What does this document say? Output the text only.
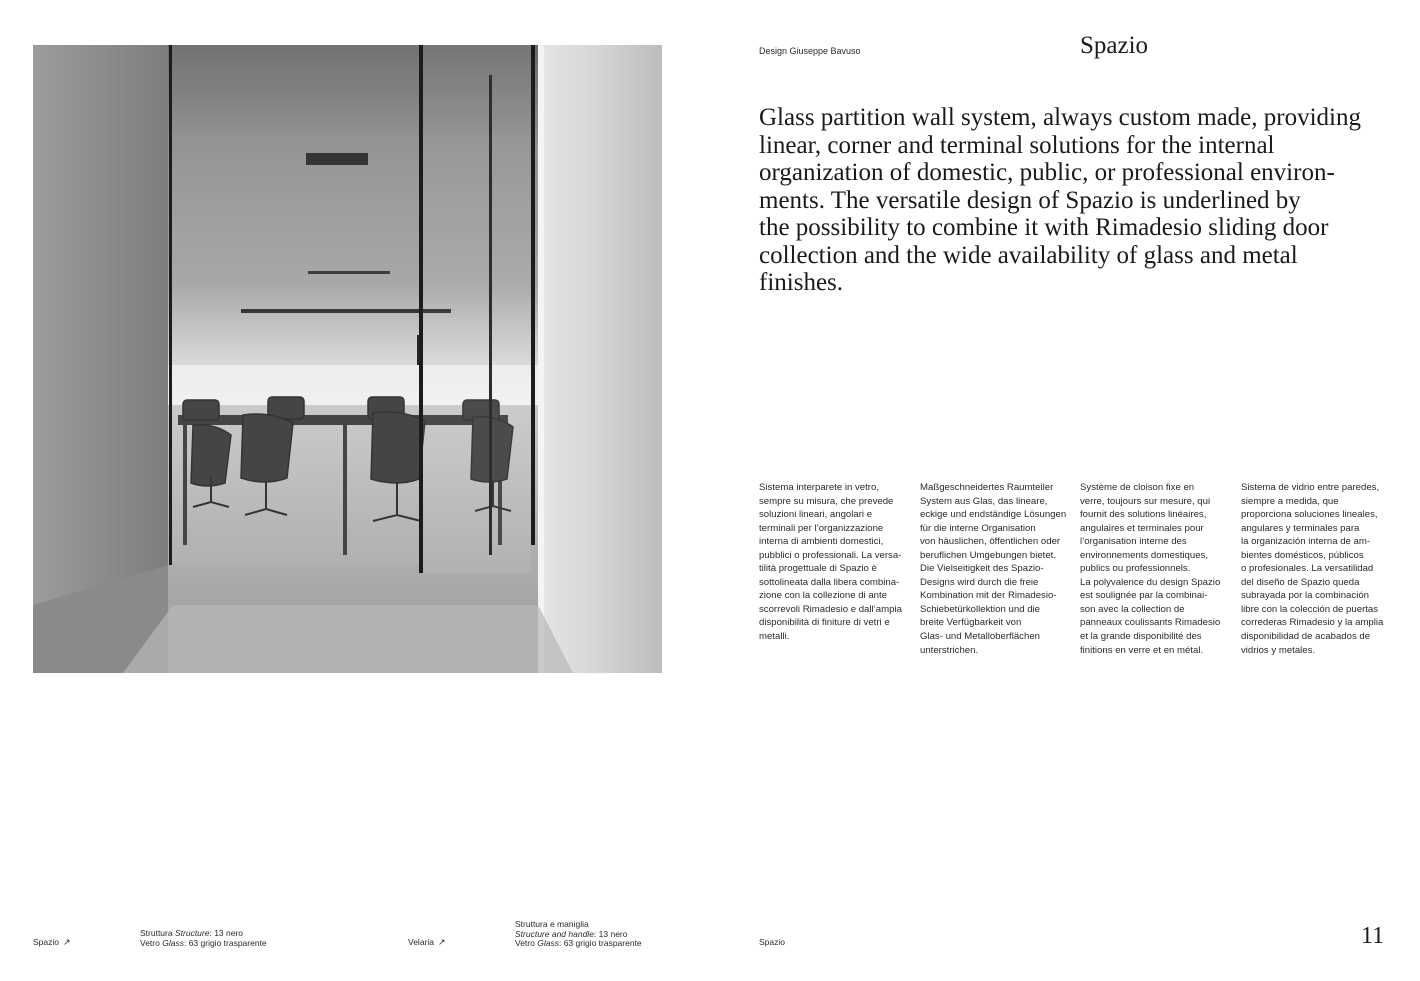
Design Giuseppe Bavuso	Spazio

Glass partition wall system, always custom made, providing
linear, corner and terminal solutions for the internal
organization of domestic, public, or professional environ-
ments. The versatile design of Spazio is underlined by
the possibility to combine it with Rimadesio sliding door
collection and the wide availability of glass and metal
finishes.

Sistema interparete in vetro,
sempre su misura, che prevede
soluzioni lineari, angolari e
terminali per l’organizzazione
interna di ambienti domestici,
pubblici o professionali. La versa-
tilità progettuale di Spazio è
sottolineata dalla libera combina-
zione con la collezione di ante
scorrevoli Rimadesio e dall’ampia
disponibilità di finiture di vetri e
metalli.
Maßgeschneidertes Raumteiler
System aus Glas, das lineare,
eckige und endständige Lösungen
für die interne Organisation
von häuslichen, öffentlichen oder
beruflichen Umgebungen bietet.
Die Vielseitigkeit des Spazio-
Designs wird durch die freie
Kombination mit der Rimadesio-
Schiebetürkollektion und die
breite Verfügbarkeit von
Glas- und Metalloberflächen
unterstrichen.
Système de cloison fixe en
verre, toujours sur mesure, qui
fournit des solutions linéaires,
angulaires et terminales pour
l’organisation interne des
environnements domestiques,
publics ou professionnels.
La polyvalence du design Spazio
est soulignée par la combinai-
son avec la collection de
panneaux coulissants Rimadesio
et la grande disponibilité des
finitions en verre et en métal.
Sistema de vidrio entre paredes,
siempre a medida, que
proporciona soluciones lineales,
angulares y terminales para
la organización interna de am-
bientes domésticos, públicos
o profesionales. La versatilidad
del diseño de Spazio queda
subrayada por la combinación
libre con la colección de puertas
correderas Rimadesio y la amplia
disponibilidad de acabados de
vidrios y metales.
Spazio ↗
Struttura Structure: 13 nero
Vetro Glass: 63 grigio trasparente	Velaria ↗
Struttura e maniglia
Structure and handle: 13 nero
Vetro Glass: 63 grigio trasparente	Spazio	11
